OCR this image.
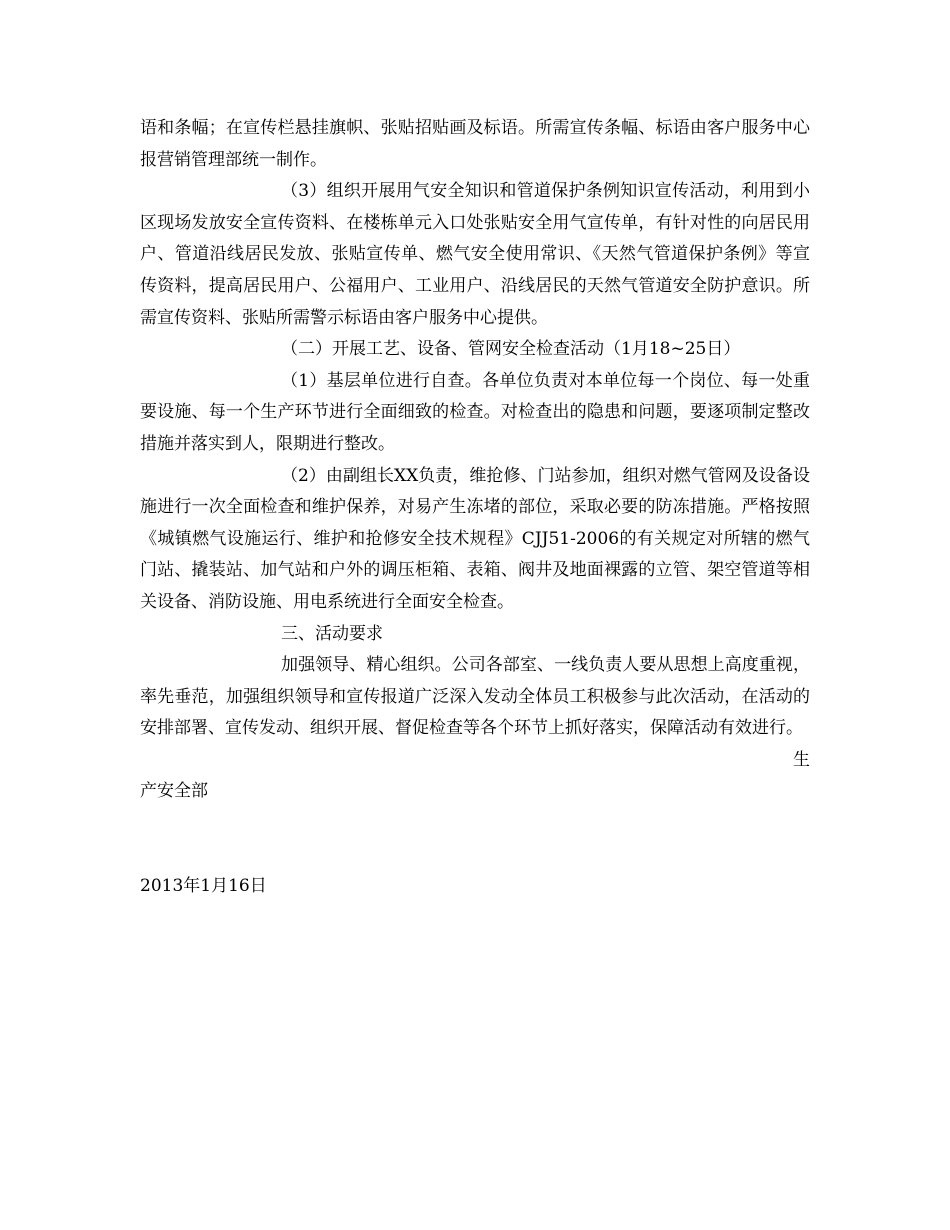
语和条幅；在宣传栏悬挂旗帜、张贴招贴画及标语。所需宣传条幅、标语由客户服务中心报营销管理部统一制作。

（3）组织开展用气安全知识和管道保护条例知识宣传活动，利用到小区现场发放安全宣传资料、在楼栋单元入口处张贴安全用气宣传单，有针对性的向居民用户、管道沿线居民发放、张贴宣传单、燃气安全使用常识、《天然气管道保护条例》等宣传资料，提高居民用户、公福用户、工业用户、沿线居民的天然气管道安全防护意识。所需宣传资料、张贴所需警示标语由客户服务中心提供。

（二）开展工艺、设备、管网安全检查活动（1月18~25日）

（1）基层单位进行自查。各单位负责对本单位每一个岗位、每一处重要设施、每一个生产环节进行全面细致的检查。对检查出的隐患和问题，要逐项制定整改措施并落实到人，限期进行整改。

（2）由副组长XX负责，维抢修、门站参加，组织对燃气管网及设备设施进行一次全面检查和维护保养，对易产生冻堵的部位，采取必要的防冻措施。严格按照《城镇燃气设施运行、维护和抢修安全技术规程》CJJ51-2006的有关规定对所辖的燃气门站、撬装站、加气站和户外的调压柜箱、表箱、阀井及地面裸露的立管、架空管道等相关设备、消防设施、用电系统进行全面安全检查。

三、活动要求

加强领导、精心组织。公司各部室、一线负责人要从思想上高度重视，率先垂范，加强组织领导和宣传报道广泛深入发动全体员工积极参与此次活动，在活动的安排部署、宣传发动、组织开展、督促检查等各个环节上抓好落实，保障活动有效进行。

生

产安全部

2013年1月16日
